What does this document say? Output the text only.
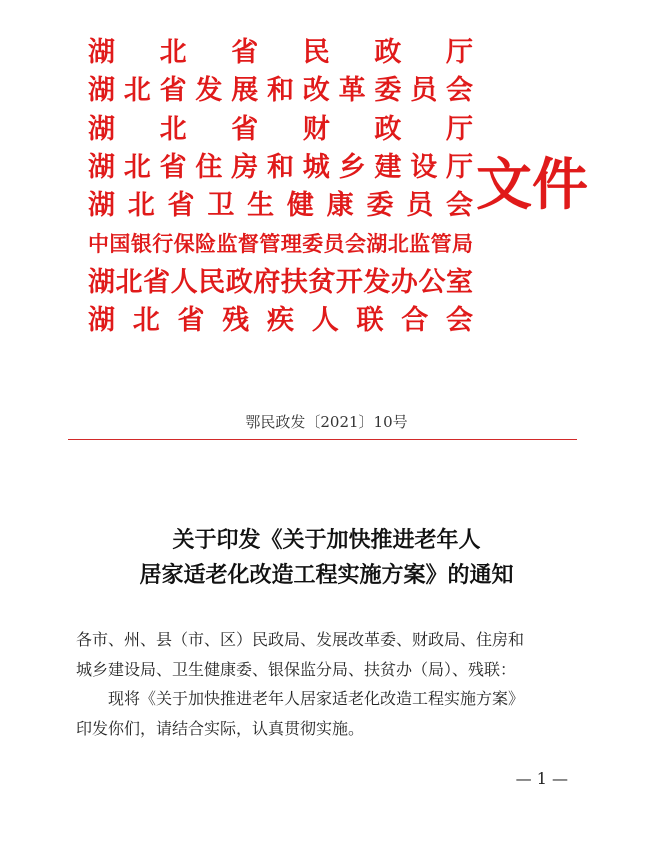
湖北省民政厅
湖北省发展和改革委员会
湖北省财政厅
湖北省住房和城乡建设厅
湖北省卫生健康委员会
中国银行保险监督管理委员会湖北监管局
湖北省人民政府扶贫开发办公室
湖北省残疾人联合会
文件
鄂民政发〔2021〕10号
关于印发《关于加快推进老年人
居家适老化改造工程实施方案》的通知
各市、州、县（市、区）民政局、发展改革委、财政局、住房和
城乡建设局、卫生健康委、银保监分局、扶贫办（局）、残联：
现将《关于加快推进老年人居家适老化改造工程实施方案》
印发你们，请结合实际，认真贯彻实施。
— 1 —
